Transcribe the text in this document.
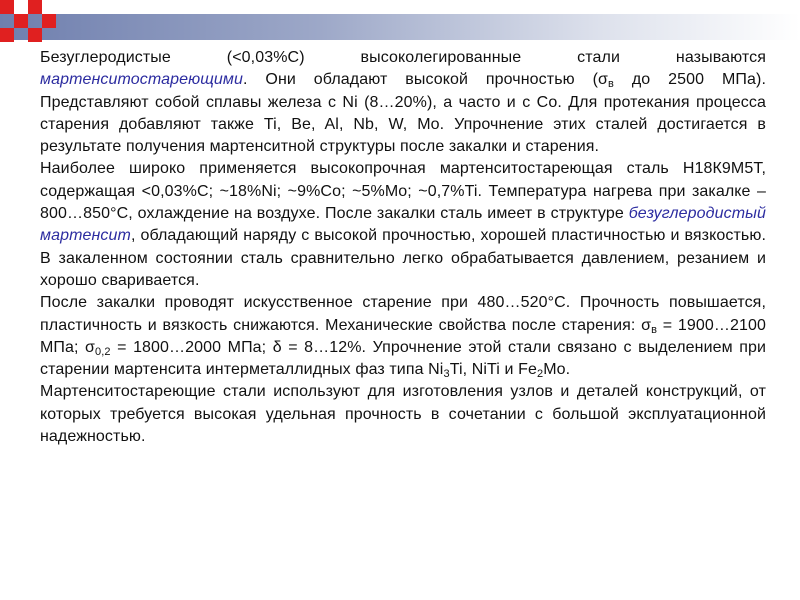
Безуглеродистые (<0,03%С) высоколегированные стали называются мартенситостареющими. Они обладают высокой прочностью ($\sigma_в$ до 2500 МПа). Представляют собой сплавы железа с Ni (8…20%), а часто и с Со. Для протекания процесса старения добавляют также Ti, Be, Al, Nb, W, Mo. Упрочнение этих сталей достигается в результате получения мартенситной структуры после закалки и старения.

Наиболее широко применяется высокопрочная мартенситостареющая сталь Н18К9М5Т, содержащая <0,03%С; ~18%Ni; ~9%Co; ~5%Mo; ~0,7%Ti. Температура нагрева при закалке – 800…850°С, охлаждение на воздухе. После закалки сталь имеет в структуре безуглеродистый мартенсит, обладающий наряду с высокой прочностью, хорошей пластичностью и вязкостью. В закаленном состоянии сталь сравнительно легко обрабатывается давлением, резанием и хорошо сваривается.

После закалки проводят искусственное старение при 480…520°С. Прочность повышается, пластичность и вязкость снижаются. Механические свойства после старения: $\sigma_в$ = 1900…2100 МПа; $\sigma_{0,2}$ = 1800…2000 МПа; δ = 8…12%. Упрочнение этой стали связано с выделением при старении мартенсита интерметаллидных фаз типа $Ni_3Ti$, NiTi и $Fe_2Mo$.

Мартенситостареющие стали используют для изготовления узлов и деталей конструкций, от которых требуется высокая удельная прочность в сочетании с большой эксплуатационной надежностью.
